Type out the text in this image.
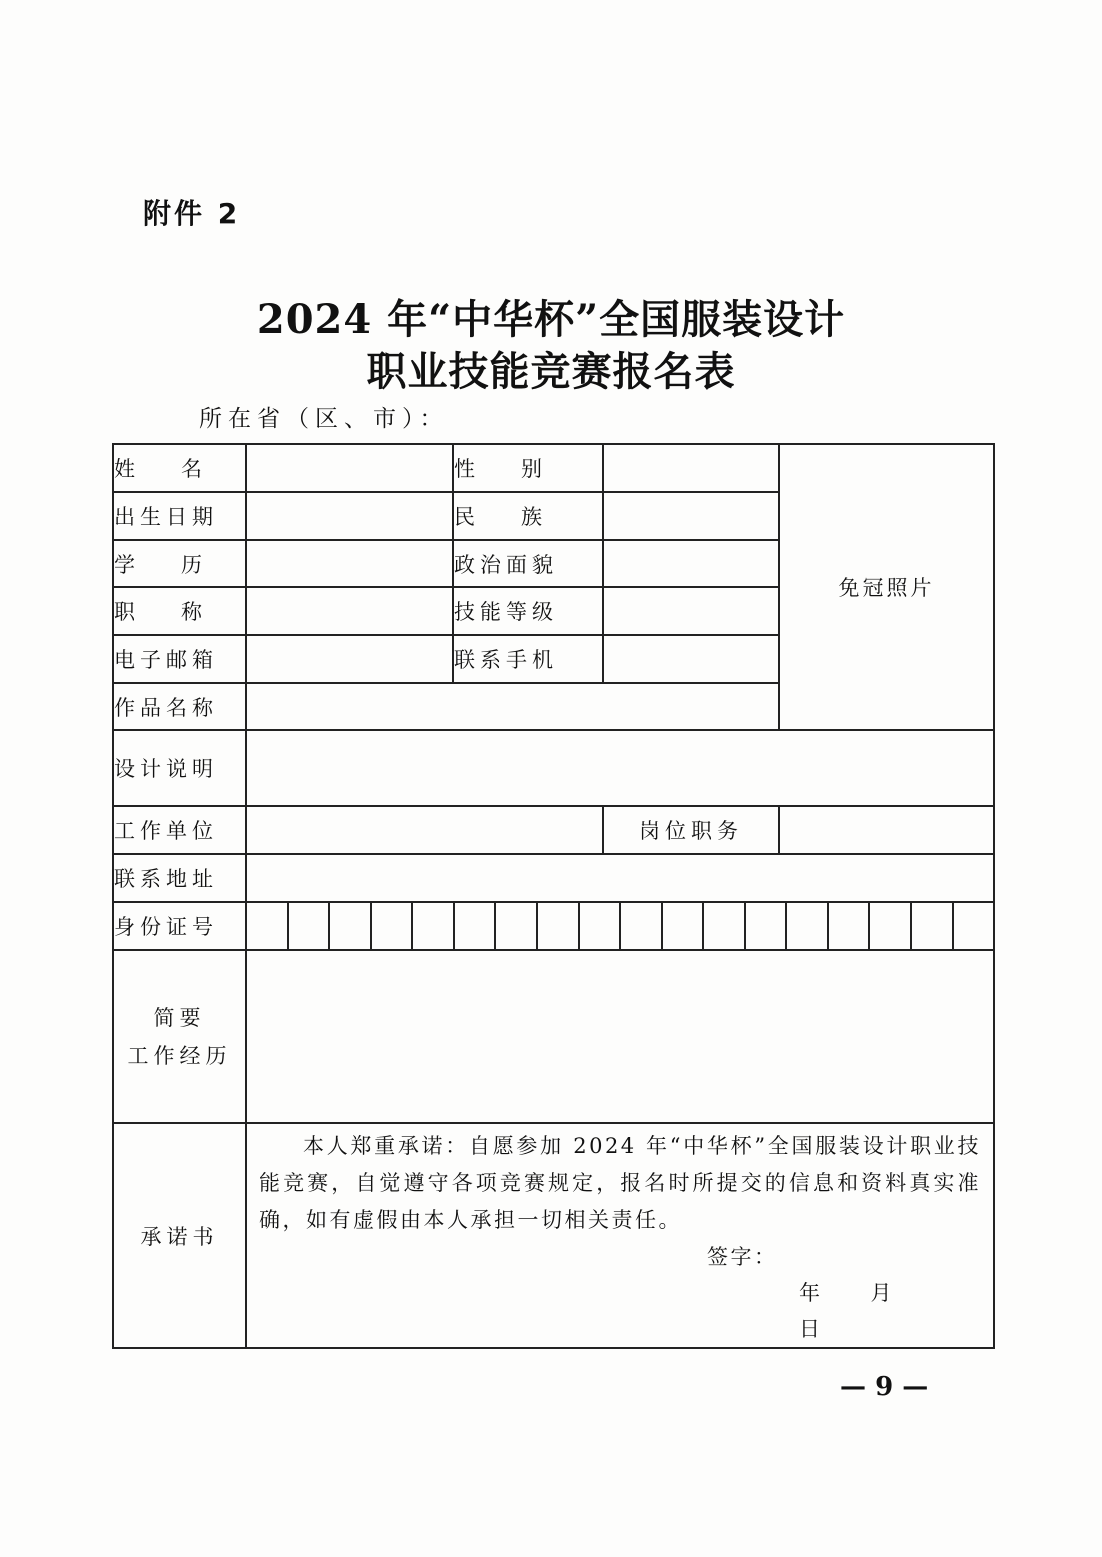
附件 2
2024 年“中华杯”全国服装设计
职业技能竞赛报名表
所在省（区、市）：
姓 名		性 别		免冠照片
出生日期		民 族		

学 历		政治面貌		

职 称		技能等级		
电子邮箱		联系手机		
作品名称				
设计说明				
工作单位			岗位职务	
联系地址				
身份证号				

简要
工作经历				

承诺书	本人郑重承诺：自愿参加 2024 年“中华杯”全国服装设计职业技能竞赛，自觉遵守各项竞赛规定，报名时所提交的信息和资料真实准确，如有虚假由本人承担一切相关责任。
签字：
年 月日			
— 9 —
